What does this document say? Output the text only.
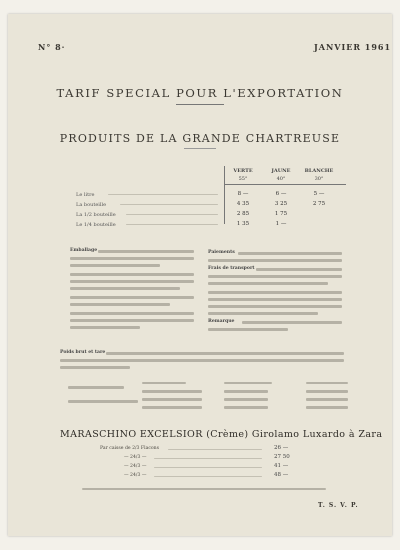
N° 8·	JANVIER 1961
TARIF SPECIAL POUR L'EXPORTATION
PRODUITS DE LA GRANDE CHARTREUSE
VERTE	JAUNE	BLANCHE
55°	40°	30°
Le litre	8 —	6 —	5 —
La bouteille	4 35	3 25	2 75
La 1/2 bouteille	2 85	1 75
Le 1/4 bouteille	1 35	1 —
Emballage	Paiements
Frais de transport
Remarque
Poids brut et tare
MARASCHINO EXCELSIOR (Crème) Girolamo Luxardo à Zara
Par caisse de 2/3 Flacons	26 —
— 24/3 —	27 50
— 24/3 —	41 —
— 24/3 —	48 —
T. S. V. P.
